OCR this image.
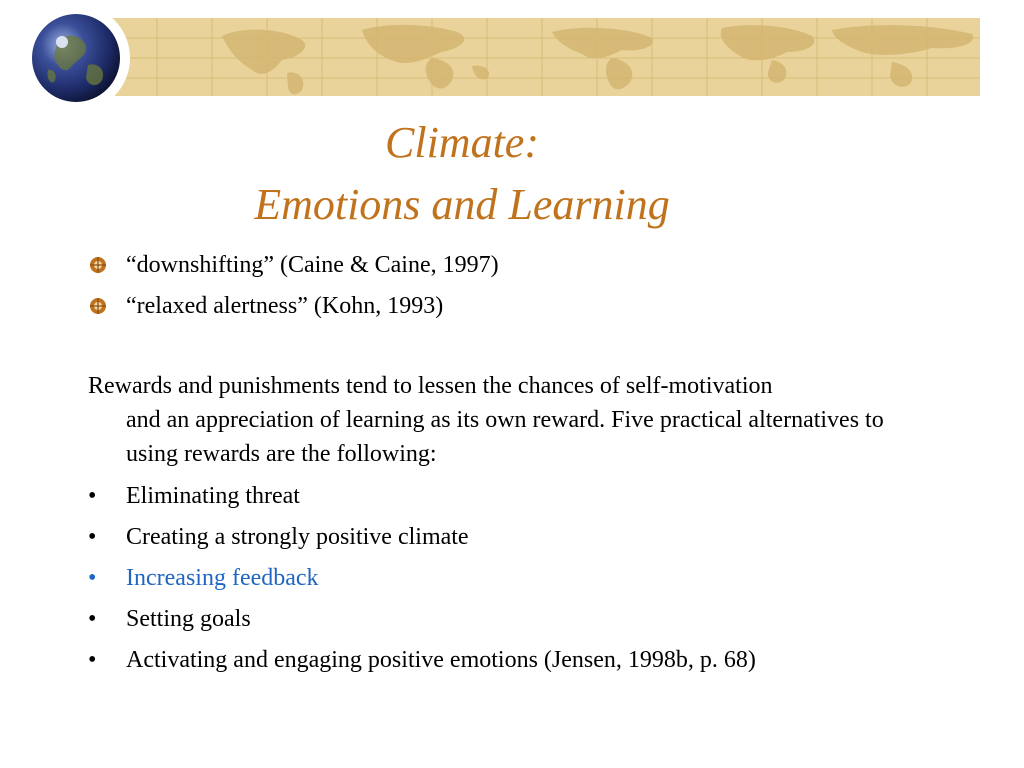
Climate:
Emotions and Learning
“downshifting” (Caine & Caine, 1997)
“relaxed alertness” (Kohn, 1993)
Rewards and punishments tend to lessen the chances of self-motivation
and an appreciation of learning as its own reward. Five practical alternatives to using rewards are the following:
•	Eliminating threat
•	Creating a strongly positive climate
•	Increasing feedback
•	Setting goals
•	Activating and engaging positive emotions (Jensen, 1998b, p. 68)
